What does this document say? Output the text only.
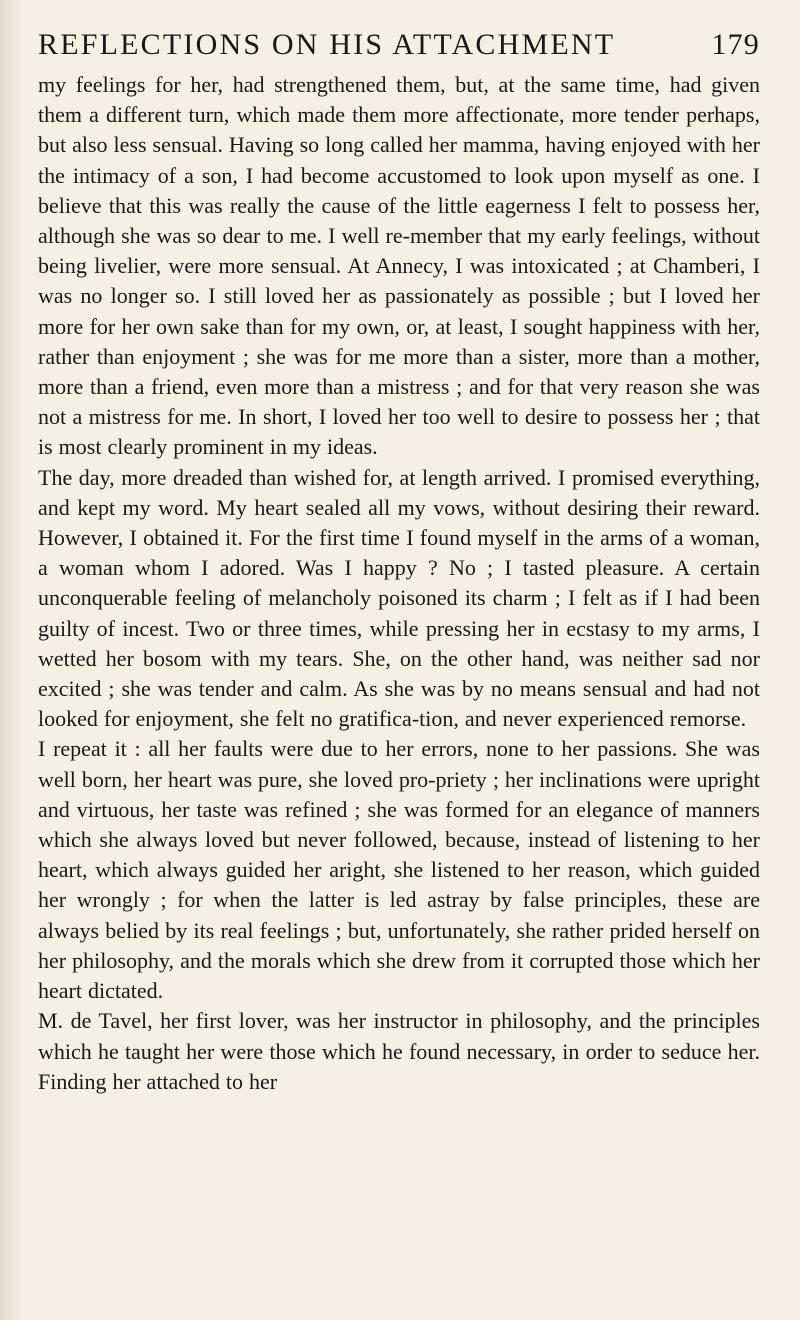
REFLECTIONS ON HIS ATTACHMENT	179

my feelings for her, had strengthened them, but, at the same time, had given them a different turn, which made them more affectionate, more tender perhaps, but also less sensual. Having so long called her mamma, having enjoyed with her the intimacy of a son, I had become accustomed to look upon myself as one. I believe that this was really the cause of the little eagerness I felt to possess her, although she was so dear to me. I well re-member that my early feelings, without being livelier, were more sensual. At Annecy, I was intoxicated ; at Chamberi, I was no longer so. I still loved her as passionately as possible ; but I loved her more for her own sake than for my own, or, at least, I sought happiness with her, rather than enjoyment ; she was for me more than a sister, more than a mother, more than a friend, even more than a mistress ; and for that very reason she was not a mistress for me. In short, I loved her too well to desire to possess her ; that is most clearly prominent in my ideas.

The day, more dreaded than wished for, at length arrived. I promised everything, and kept my word. My heart sealed all my vows, without desiring their reward. However, I obtained it. For the first time I found myself in the arms of a woman, a woman whom I adored. Was I happy ? No ; I tasted pleasure. A certain unconquerable feeling of melancholy poisoned its charm ; I felt as if I had been guilty of incest. Two or three times, while pressing her in ecstasy to my arms, I wetted her bosom with my tears. She, on the other hand, was neither sad nor excited ; she was tender and calm. As she was by no means sensual and had not looked for enjoyment, she felt no gratifica-tion, and never experienced remorse.

I repeat it : all her faults were due to her errors, none to her passions. She was well born, her heart was pure, she loved pro-priety ; her inclinations were upright and virtuous, her taste was refined ; she was formed for an elegance of manners which she always loved but never followed, because, instead of listening to her heart, which always guided her aright, she listened to her reason, which guided her wrongly ; for when the latter is led astray by false principles, these are always belied by its real feelings ; but, unfortunately, she rather prided herself on her philosophy, and the morals which she drew from it corrupted those which her heart dictated.

M. de Tavel, her first lover, was her instructor in philosophy, and the principles which he taught her were those which he found necessary, in order to seduce her. Finding her attached to her
